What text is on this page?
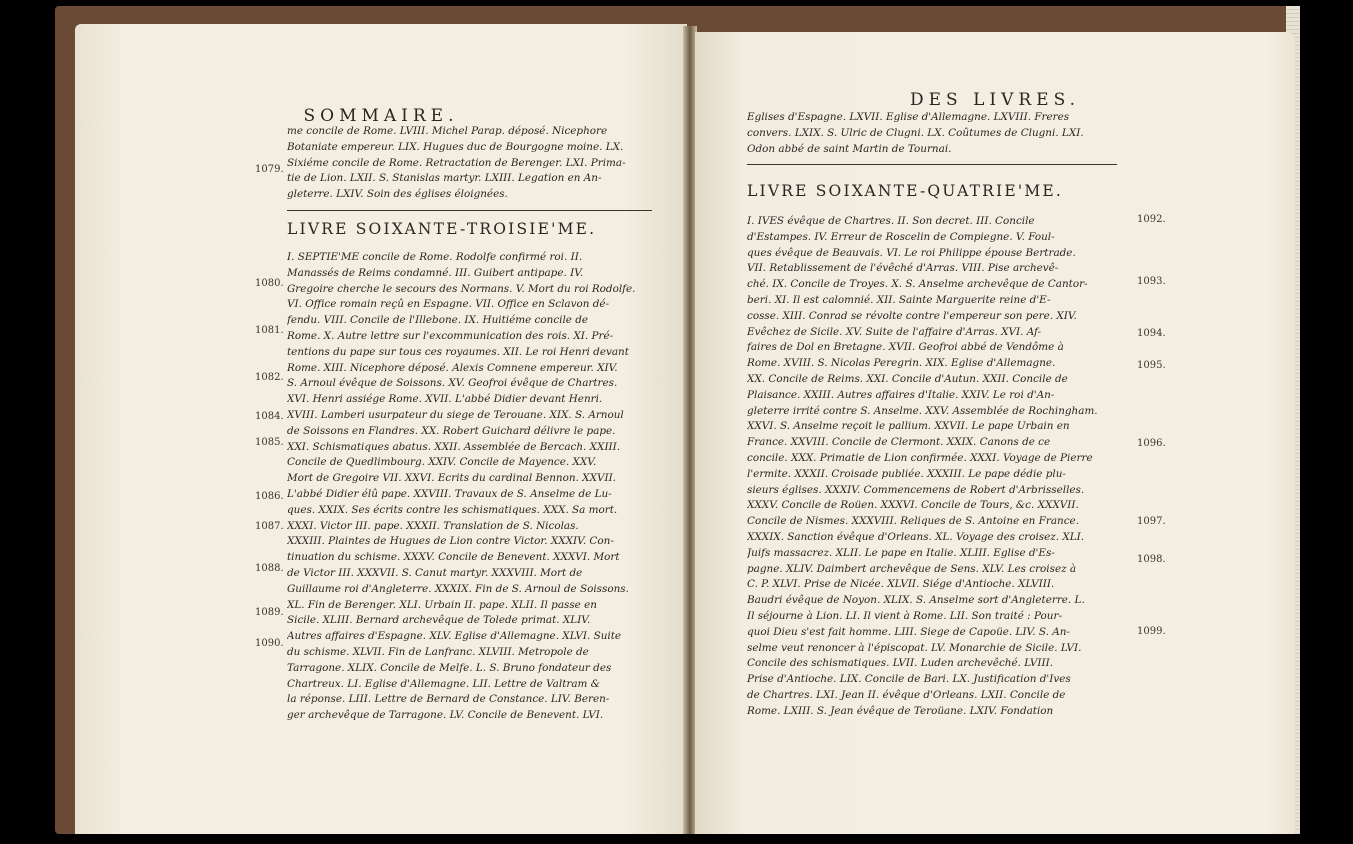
SOMMAIRE.
me concile de Rome. LVIII. Michel Parap. déposé. Nicephore
Botaniate empereur. LIX. Hugues duc de Bourgogne moine. LX.
Sixiéme concile de Rome. Retractation de Berenger. LXI. Prima-
tie de Lion. LXII. S. Stanislas martyr. LXIII. Legation en An-
gleterre. LXIV. Soin des églises éloignées.
LIVRE SOIXANTE-TROISIE'ME.
I. SEPTIE'ME concile de Rome. Rodolfe confirmé roi. II.
Manassés de Reims condamné. III. Guibert antipape. IV.
Gregoire cherche le secours des Normans. V. Mort du roi Rodolfe.
VI. Office romain reçû en Espagne. VII. Office en Sclavon dé-
fendu. VIII. Concile de l'Illebone. IX. Huitiéme concile de
Rome. X. Autre lettre sur l'excommunication des rois. XI. Pré-
tentions du pape sur tous ces royaumes. XII. Le roi Henri devant
Rome. XIII. Nicephore déposé. Alexis Comnene empereur. XIV.
S. Arnoul évêque de Soissons. XV. Geofroi évêque de Chartres.
XVI. Henri assiége Rome. XVII. L'abbé Didier devant Henri.
XVIII. Lamberi usurpateur du siege de Terouane. XIX. S. Arnoul
de Soissons en Flandres. XX. Robert Guichard délivre le pape.
XXI. Schismatiques abatus. XXII. Assemblée de Bercach. XXIII.
Concile de Quedlimbourg. XXIV. Concile de Mayence. XXV.
Mort de Gregoire VII. XXVI. Ecrits du cardinal Bennon. XXVII.
L'abbé Didier élû pape. XXVIII. Travaux de S. Anselme de Lu-
ques. XXIX. Ses écrits contre les schismatiques. XXX. Sa mort.
XXXI. Victor III. pape. XXXII. Translation de S. Nicolas.
XXXIII. Plaintes de Hugues de Lion contre Victor. XXXIV. Con-
tinuation du schisme. XXXV. Concile de Benevent. XXXVI. Mort
de Victor III. XXXVII. S. Canut martyr. XXXVIII. Mort de
Guillaume roi d'Angleterre. XXXIX. Fin de S. Arnoul de Soissons.
XL. Fin de Berenger. XLI. Urbain II. pape. XLII. Il passe en
Sicile. XLIII. Bernard archevêque de Tolede primat. XLIV.
Autres affaires d'Espagne. XLV. Eglise d'Allemagne. XLVI. Suite
du schisme. XLVII. Fin de Lanfranc. XLVIII. Metropole de
Tarragone. XLIX. Concile de Melfe. L. S. Bruno fondateur des
Chartreux. LI. Eglise d'Allemagne. LII. Lettre de Valtram &
la réponse. LIII. Lettre de Bernard de Constance. LIV. Beren-
ger archevêque de Tarragone. LV. Concile de Benevent. LVI.
1079.
1080.
1081.
1082.
1084.
1085.
1086.
1087.
1088.
1089.
1090.
DES LIVRES.
Eglises d'Espagne. LXVII. Eglise d'Allemagne. LXVIII. Freres
convers. LXIX. S. Ulric de Clugni. LX. Coûtumes de Clugni. LXI.
Odon abbé de saint Martin de Tournai.
LIVRE SOIXANTE-QUATRIE'ME.
I. IVES évêque de Chartres. II. Son decret. III. Concile
d'Estampes. IV. Erreur de Roscelin de Compiegne. V. Foul-
ques évêque de Beauvais. VI. Le roi Philippe épouse Bertrade.
VII. Retablissement de l'évêché d'Arras. VIII. Pise archevê-
ché. IX. Concile de Troyes. X. S. Anselme archevêque de Cantor-
beri. XI. Il est calomnié. XII. Sainte Marguerite reine d'E-
cosse. XIII. Conrad se révolte contre l'empereur son pere. XIV.
Evêchez de Sicile. XV. Suite de l'affaire d'Arras. XVI. Af-
faires de Dol en Bretagne. XVII. Geofroi abbé de Vendôme à
Rome. XVIII. S. Nicolas Peregrin. XIX. Eglise d'Allemagne.
XX. Concile de Reims. XXI. Concile d'Autun. XXII. Concile de
Plaisance. XXIII. Autres affaires d'Italie. XXIV. Le roi d'An-
gleterre irrité contre S. Anselme. XXV. Assemblée de Rochingham.
XXVI. S. Anselme reçoit le pallium. XXVII. Le pape Urbain en
France. XXVIII. Concile de Clermont. XXIX. Canons de ce
concile. XXX. Primatie de Lion confirmée. XXXI. Voyage de Pierre
l'ermite. XXXII. Croisade publiée. XXXIII. Le pape dédie plu-
sieurs églises. XXXIV. Commencemens de Robert d'Arbrisselles.
XXXV. Concile de Roüen. XXXVI. Concile de Tours, &c. XXXVII.
Concile de Nismes. XXXVIII. Reliques de S. Antoine en France.
XXXIX. Sanction évêque d'Orleans. XL. Voyage des croisez. XLI.
Juifs massacrez. XLII. Le pape en Italie. XLIII. Eglise d'Es-
pagne. XLIV. Daimbert archevêque de Sens. XLV. Les croisez à
C. P. XLVI. Prise de Nicée. XLVII. Siége d'Antioche. XLVIII.
Baudri évêque de Noyon. XLIX. S. Anselme sort d'Angleterre. L.
Il séjourne à Lion. LI. Il vient à Rome. LII. Son traité : Pour-
quoi Dieu s'est fait homme. LIII. Siege de Capoüe. LIV. S. An-
selme veut renoncer à l'épiscopat. LV. Monarchie de Sicile. LVI.
Concile des schismatiques. LVII. Luden archevêché. LVIII.
Prise d'Antioche. LIX. Concile de Bari. LX. Justification d'Ives
de Chartres. LXI. Jean II. évêque d'Orleans. LXII. Concile de
Rome. LXIII. S. Jean évêque de Teroüane. LXIV. Fondation
1092.
1093.
1094.
1095.
1096.
1097.
1098.
1099.
